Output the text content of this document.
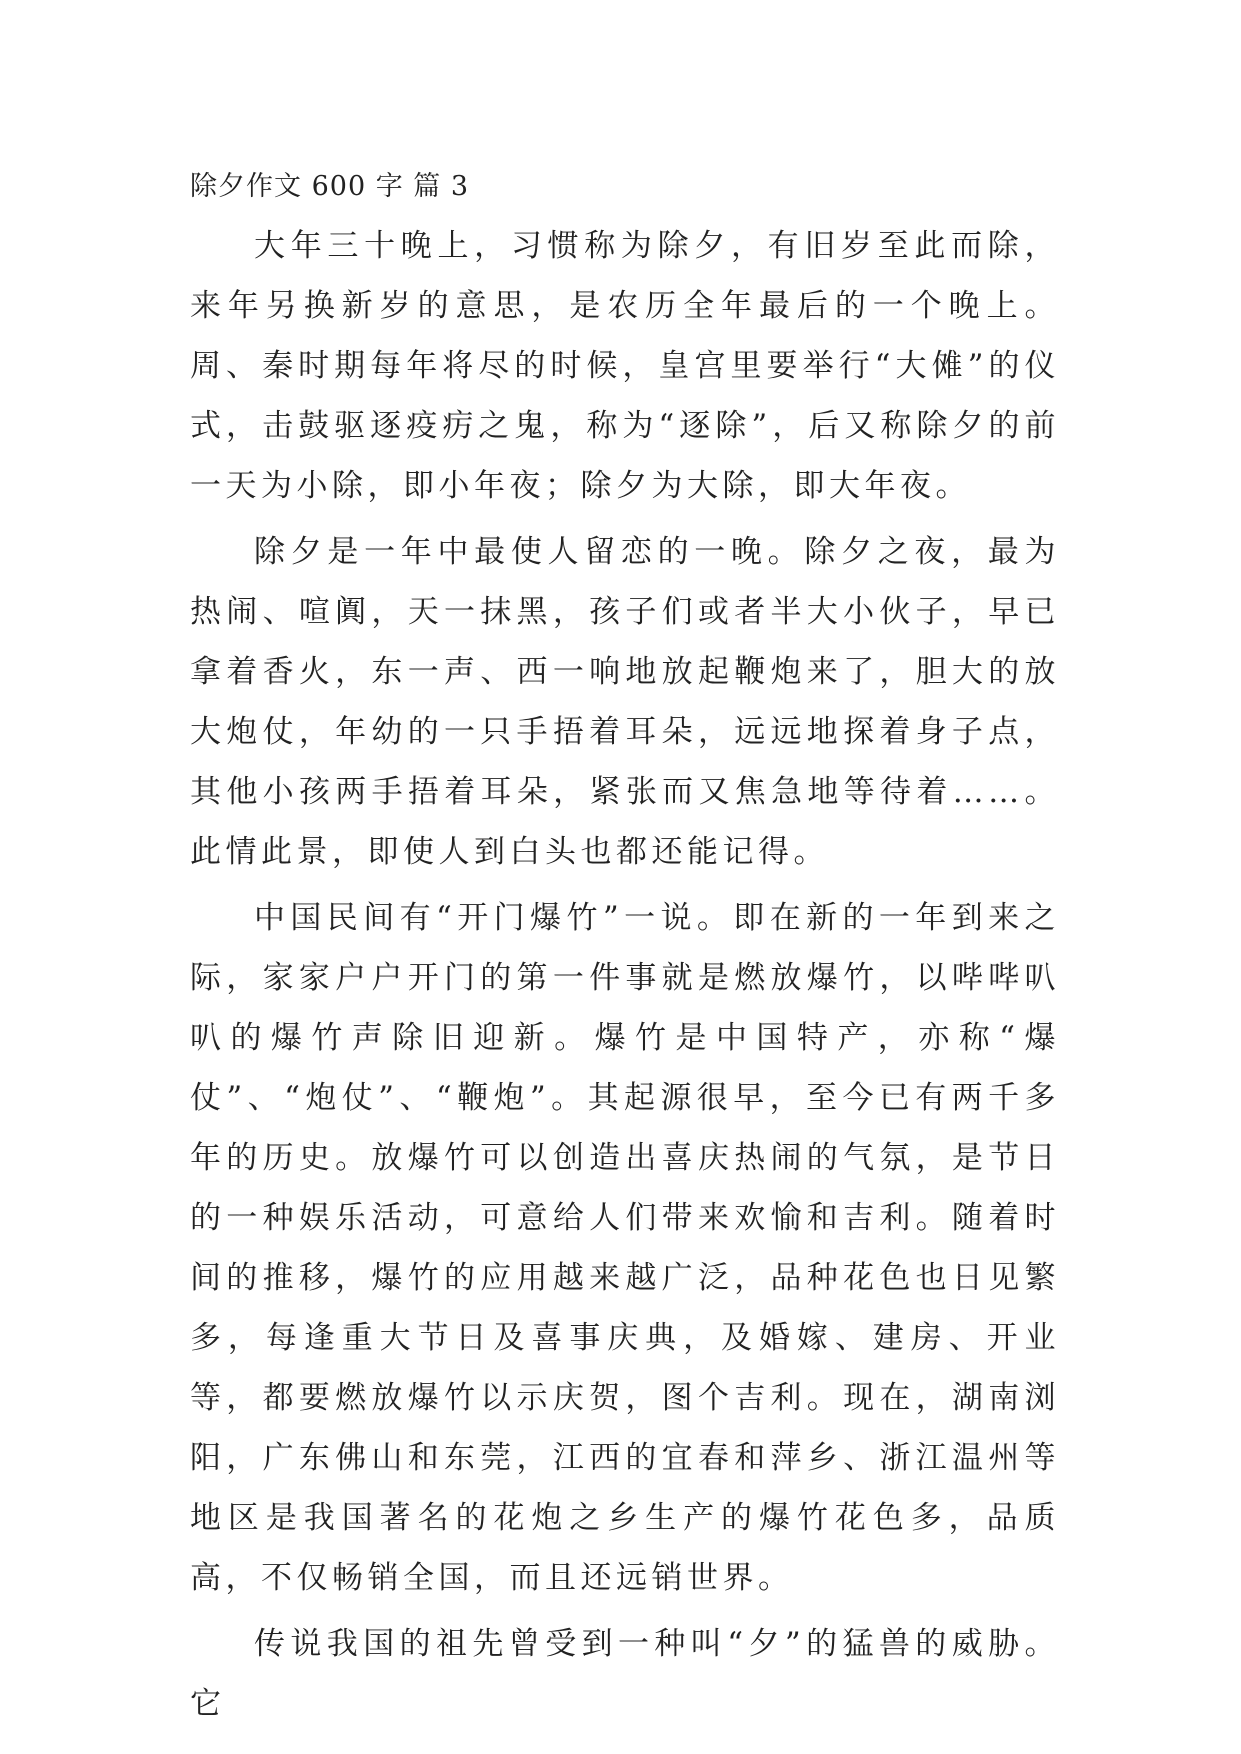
除夕作文 600 字 篇 3

大年三十晚上，习惯称为除夕，有旧岁至此而除，来年另换新岁的意思，是农历全年最后的一个晚上。周、秦时期每年将尽的时候，皇宫里要举行“大傩”的仪式，击鼓驱逐疫疠之鬼，称为“逐除”，后又称除夕的前一天为小除，即小年夜；除夕为大除，即大年夜。

除夕是一年中最使人留恋的一晚。除夕之夜，最为热闹、喧阗，天一抹黑，孩子们或者半大小伙子，早已拿着香火，东一声、西一响地放起鞭炮来了，胆大的放大炮仗，年幼的一只手捂着耳朵，远远地探着身子点，其他小孩两手捂着耳朵，紧张而又焦急地等待着……。此情此景，即使人到白头也都还能记得。

中国民间有“开门爆竹”一说。即在新的一年到来之际，家家户户开门的第一件事就是燃放爆竹，以哔哔叭叭的爆竹声除旧迎新。爆竹是中国特产，亦称“爆仗”、“炮仗”、“鞭炮”。其起源很早，至今已有两千多年的历史。放爆竹可以创造出喜庆热闹的气氛，是节日的一种娱乐活动，可意给人们带来欢愉和吉利。随着时间的推移，爆竹的应用越来越广泛，品种花色也日见繁多，每逢重大节日及喜事庆典，及婚嫁、建房、开业等，都要燃放爆竹以示庆贺，图个吉利。现在，湖南浏阳，广东佛山和东莞，江西的宜春和萍乡、浙江温州等地区是我国著名的花炮之乡生产的爆竹花色多，品质高，不仅畅销全国，而且还远销世界。

传说我国的祖先曾受到一种叫“夕”的猛兽的威胁。它
